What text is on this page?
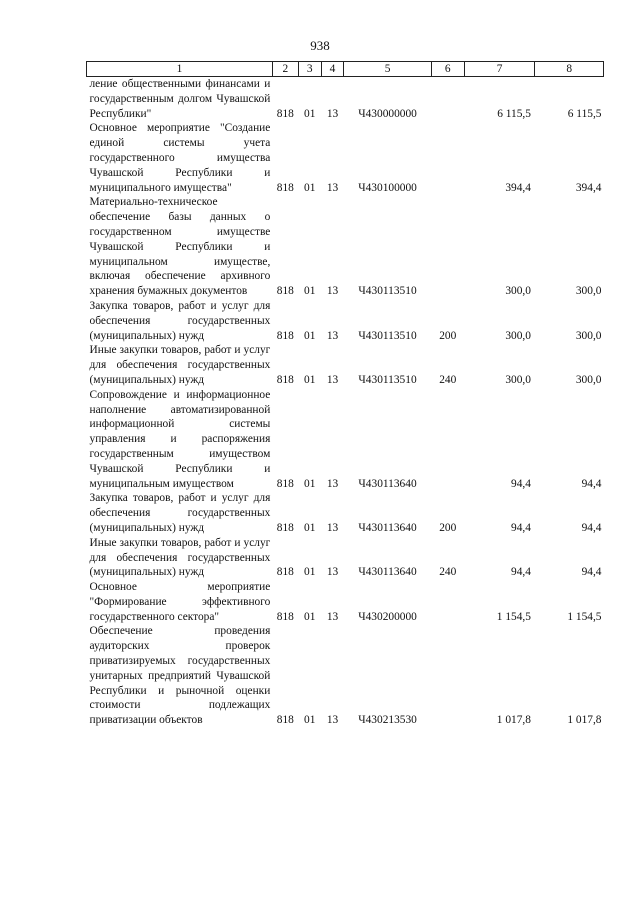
938
1	2	3	4	5	6	7	8
ление общественными финансами и государственным долгом Чувашской Республики"	818	01	13	Ч430000000		6 115,5	6 115,5
Основное мероприятие "Создание единой системы учета государственного имущества Чувашской Республики и муниципального имущества"	818	01	13	Ч430100000		394,4	394,4
Материально-техническое обеспечение базы данных о государственном имуществе Чувашской Республики и муниципальном имуществе, включая обеспечение архивного хранения бумажных документов	818	01	13	Ч430113510		300,0	300,0
Закупка товаров, работ и услуг для обеспечения государственных (муниципальных) нужд	818	01	13	Ч430113510	200	300,0	300,0
Иные закупки товаров, работ и услуг для обеспечения государственных (муниципальных) нужд	818	01	13	Ч430113510	240	300,0	300,0
Сопровождение и информационное наполнение автоматизированной информационной системы управления и распоряжения государственным имуществом Чувашской Республики и муниципальным имуществом	818	01	13	Ч430113640		94,4	94,4
Закупка товаров, работ и услуг для обеспечения государственных (муниципальных) нужд	818	01	13	Ч430113640	200	94,4	94,4
Иные закупки товаров, работ и услуг для обеспечения государственных (муниципальных) нужд	818	01	13	Ч430113640	240	94,4	94,4
Основное мероприятие "Формирование эффективного государственного сектора"	818	01	13	Ч430200000		1 154,5	1 154,5
Обеспечение проведения аудиторских проверок приватизируемых государственных унитарных предприятий Чувашской Республики и рыночной оценки стоимости подлежащих приватизации объектов	818	01	13	Ч430213530		1 017,8	1 017,8
